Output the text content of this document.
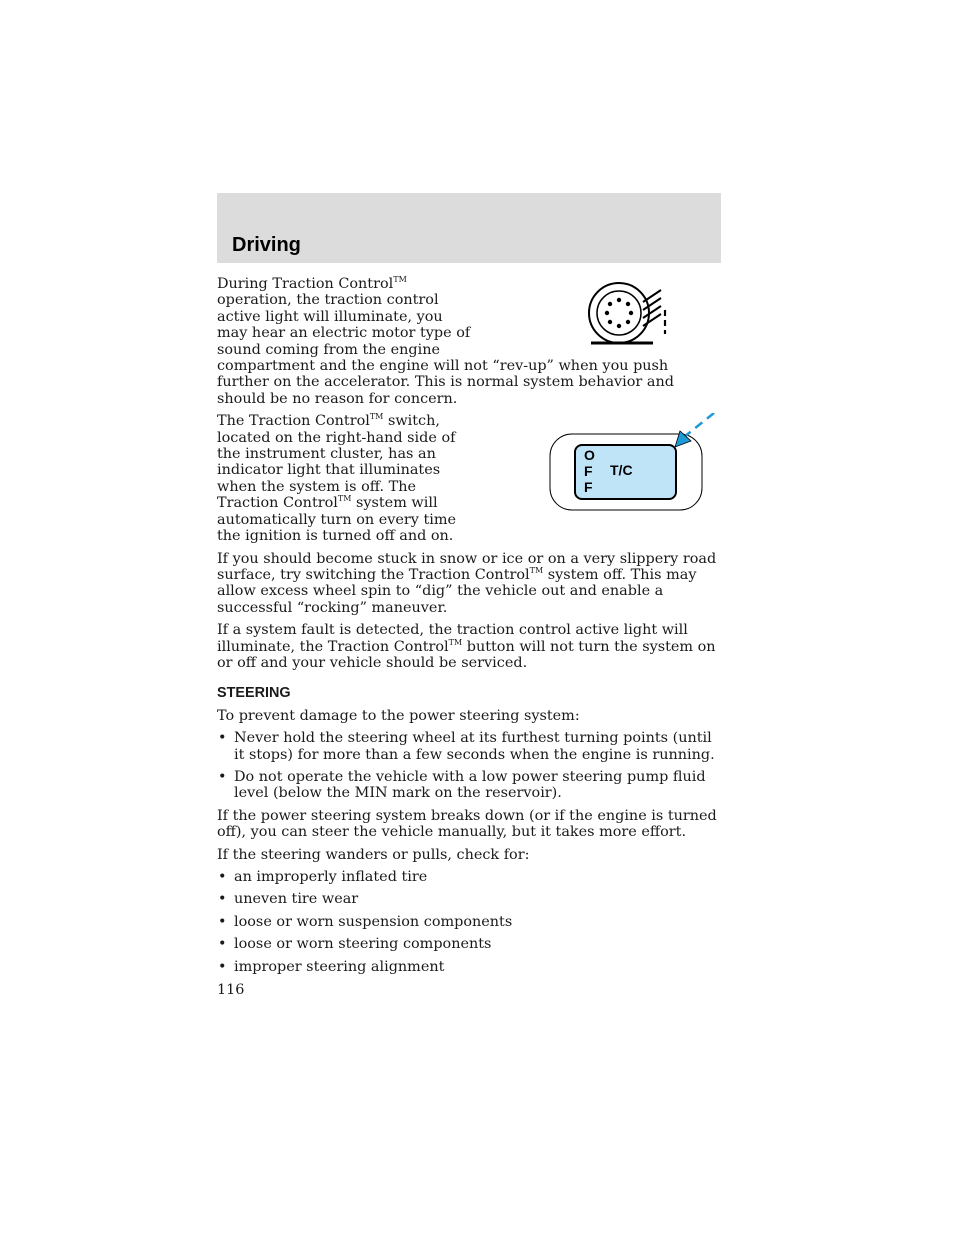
Driving

During Traction Control™ operation, the traction control active light will illuminate, you may hear an electric motor type of sound coming from the engine compartment and the engine will not “rev-up” when you push further on the accelerator. This is normal system behavior and should be no reason for concern.

O
F
F
T/C

The Traction Control™ switch, located on the right-hand side of the instrument cluster, has an indicator light that illuminates when the system is off. The Traction Control™ system will automatically turn on every time the ignition is turned off and on.

If you should become stuck in snow or ice or on a very slippery road surface, try switching the Traction Control™ system off. This may allow excess wheel spin to “dig” the vehicle out and enable a successful “rocking” maneuver.

If a system fault is detected, the traction control active light will illuminate, the Traction Control™ button will not turn the system on or off and your vehicle should be serviced.

STEERING

To prevent damage to the power steering system:

• Never hold the steering wheel at its furthest turning points (until it stops) for more than a few seconds when the engine is running.
• Do not operate the vehicle with a low power steering pump fluid level (below the MIN mark on the reservoir).

If the power steering system breaks down (or if the engine is turned off), you can steer the vehicle manually, but it takes more effort.

If the steering wanders or pulls, check for:

• an improperly inflated tire
• uneven tire wear
• loose or worn suspension components
• loose or worn steering components
• improper steering alignment
116
